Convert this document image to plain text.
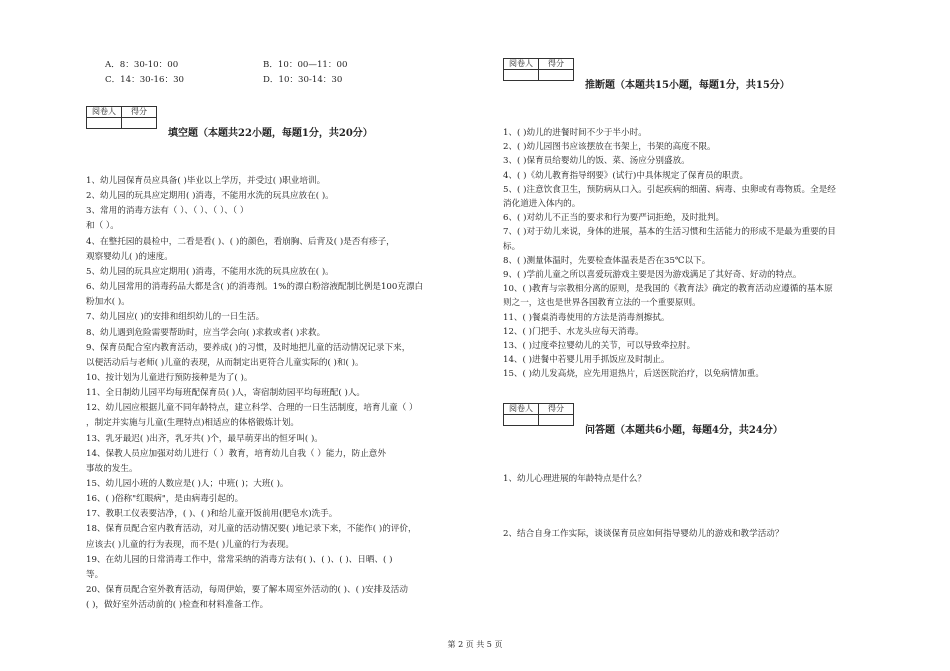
A．8：30-10：00	B．10：00—11：00
C．14：30-16：30	D．10：30-14：30
阅卷人	得分

填空题（本题共22小题，每题1分，共20分）
1、幼儿园保育员应具备( )毕业以上学历，并受过( )职业培训。
2、幼儿园的玩具应定期用( )消毒，不能用水洗的玩具应放在( )。
3、常用的消毒方法有（ ）、（ ）、（ ）、（ ）
和（ ）。
4、在整托园的晨检中，二看是看( )、( )的颜色，看崩胸、后背及( )是否有疹子，
观察婴幼儿( )的速度。
5、幼儿园的玩具应定期用( )消毒，不能用水洗的玩具应放在( )。
6、幼儿园常用的消毒药品大都是含( )的消毒剂。1%的漂白粉溶液配制比例是100克漂白
粉加水( )。
7、幼儿园应( )的安排和组织幼儿的一日生活。
8、幼儿遇到危险需要帮助时，应当学会向( )求救或者( )求救。
9、保育员配合室内教育活动，要养成( )的习惯，及时地把儿童的活动情况记录下来，
以便活动后与老师( )儿童的表现，从而制定出更符合儿童实际的( )和( )。
10、按计划为儿童进行预防接种是为了( )。
11、全日制幼儿园平均每班配保育员( )人，寄宿制幼园平均每班配( )人。
12、幼儿园应根据儿童不同年龄特点，建立科学、合理的一日生活制度，培育儿童（ ）
，制定并实施与儿童(生理特点)相适应的体格锻炼计划。
13、乳牙最迟( )出齐，乳牙共( )个，最早萌芽出的恒牙叫( )。
14、保教人员应加强对幼儿进行（ ）教育，培育幼儿自我（ ）能力，防止意外
事故的发生。
15、幼儿园小班的人数应是( )人；中班( )；大班( )。
16、( )俗称"红眼病"，是由病毒引起的。
17、教职工仪表要洁净，( )、( )和给儿童开饭前用(肥皂水)洗手。
18、保育员配合室内教育活动，对儿童的活动情况要( )地记录下来，不能作( )的评价，
应该去( )儿童的行为表现，而不是( )儿童的行为表现。
19、在幼儿园的日常消毒工作中，常常采纳的消毒方法有( )、( )、( )、日晒、( )
等。
20、保育员配合室外教育活动，每周伊始，要了解本周室外活动的( )、( )安排及活动
( )，做好室外活动前的( )检查和材料准备工作。
阅卷人	得分

推断题（本题共15小题，每题1分，共15分）
1、( )幼儿的进餐时间不少于半小时。
2、( )幼儿园图书应该摆放在书架上，书架的高度不限。
3、( )保育员给婴幼儿的饭、菜、汤应分别盛放。
4、( )《幼儿教育指导纲要》(试行)中具体规定了保育员的职责。
5、( )注意饮食卫生，预防病从口入。引起疾病的细菌、病毒、虫卵或有毒物质。全是经
消化道进入体内的。
6、( )对幼儿不正当的要求和行为要严词拒绝，及时批判。
7、( )对于幼儿来说，身体的进展，基本的生活习惯和生活能力的形成不是最为重要的目
标。
8、( )测量体温时，先要检查体温表是否在35℃以下。
9、( )学前儿童之所以喜爱玩游戏主要是因为游戏满足了其好奇、好动的特点。
10、( )教育与宗教相分离的原则，是我国的《教育法》确定的教育活动应遵循的基本原
则之一，这也是世界各国教育立法的一个重要原则。
11、( )餐桌消毒使用的方法是消毒剂擦拭。
12、( )门把手、水龙头应每天消毒。
13、( )过度牵拉婴幼儿的关节，可以导致牵拉肘。
14、( )进餐中若婴儿用手抓饭应及时制止。
15、( )幼儿发高烧，应先用退热片，后送医院治疗，以免病情加重。
阅卷人	得分

问答题（本题共6小题，每题4分，共24分）
1、幼儿心理进展的年龄特点是什么？
2、结合自身工作实际，谈谈保育员应如何指导婴幼儿的游戏和教学活动？
第 2 页 共 5 页
